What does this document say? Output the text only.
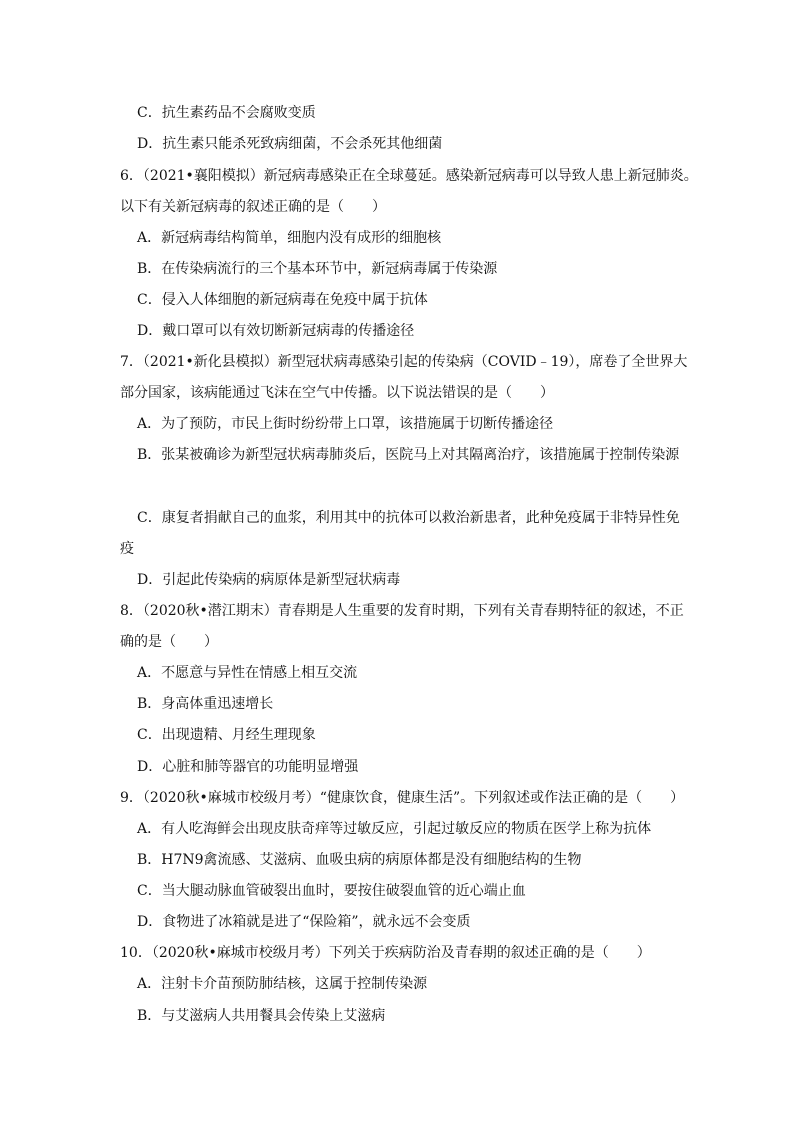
C．抗生素药品不会腐败变质
D．抗生素只能杀死致病细菌，不会杀死其他细菌
6．（2021•襄阳模拟）新冠病毒感染正在全球蔓延。感染新冠病毒可以导致人患上新冠肺炎。
以下有关新冠病毒的叙述正确的是（　　）
A．新冠病毒结构简单，细胞内没有成形的细胞核
B．在传染病流行的三个基本环节中，新冠病毒属于传染源
C．侵入人体细胞的新冠病毒在免疫中属于抗体
D．戴口罩可以有效切断新冠病毒的传播途径
7．（2021•新化县模拟）新型冠状病毒感染引起的传染病（COVID﹣19），席卷了全世界大
部分国家，该病能通过飞沫在空气中传播。以下说法错误的是（　　）
A．为了预防，市民上街时纷纷带上口罩，该措施属于切断传播途径
B．张某被确诊为新型冠状病毒肺炎后，医院马上对其隔离治疗，该措施属于控制传染源
C．康复者捐献自己的血浆，利用其中的抗体可以救治新患者，此种免疫属于非特异性免
疫
D．引起此传染病的病原体是新型冠状病毒
8．（2020秋•潜江期末）青春期是人生重要的发育时期，下列有关青春期特征的叙述，不正
确的是（　　）
A．不愿意与异性在情感上相互交流
B．身高体重迅速增长
C．出现遗精、月经生理现象
D．心脏和肺等器官的功能明显增强
9．（2020秋•麻城市校级月考）“健康饮食，健康生活”。下列叙述或作法正确的是（　　）
A．有人吃海鲜会出现皮肤奇痒等过敏反应，引起过敏反应的物质在医学上称为抗体
B．H7N9禽流感、艾滋病、血吸虫病的病原体都是没有细胞结构的生物
C．当大腿动脉血管破裂出血时，要按住破裂血管的近心端止血
D．食物进了冰箱就是进了“保险箱”，就永远不会变质
10．（2020秋•麻城市校级月考）下列关于疾病防治及青春期的叙述正确的是（　　）
A．注射卡介苗预防肺结核，这属于控制传染源
B．与艾滋病人共用餐具会传染上艾滋病
